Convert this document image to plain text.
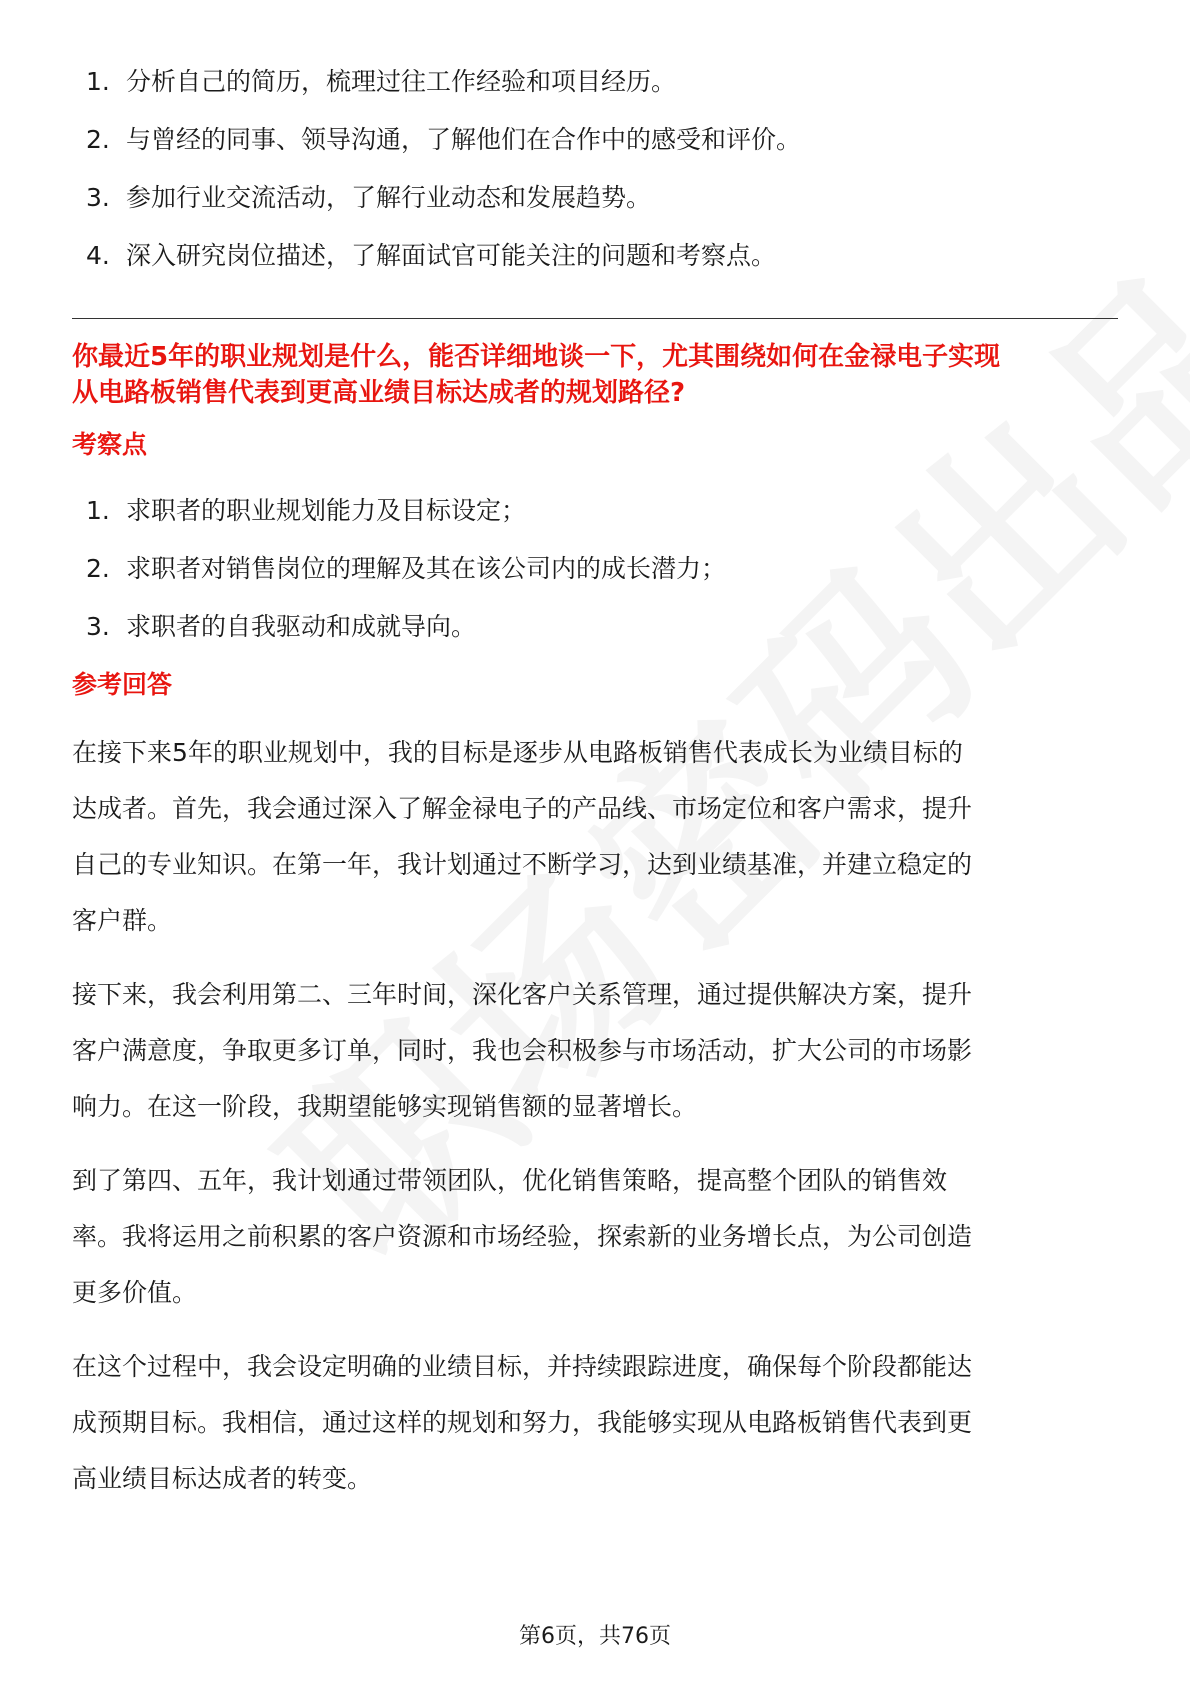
1. 分析自己的简历，梳理过往工作经验和项目经历。
2. 与曾经的同事、领导沟通，了解他们在合作中的感受和评价。
3. 参加行业交流活动，了解行业动态和发展趋势。
4. 深入研究岗位描述，了解面试官可能关注的问题和考察点。
你最近5年的职业规划是什么，能否详细地谈一下，尤其围绕如何在金禄电子实现
从电路板销售代表到更高业绩目标达成者的规划路径?
考察点
1. 求职者的职业规划能力及目标设定；
2. 求职者对销售岗位的理解及其在该公司内的成长潜力；
3. 求职者的自我驱动和成就导向。
参考回答

在接下来5年的职业规划中，我的目标是逐步从电路板销售代表成长为业绩目标的
达成者。首先，我会通过深入了解金禄电子的产品线、市场定位和客户需求，提升
自己的专业知识。在第一年，我计划通过不断学习，达到业绩基准，并建立稳定的
客户群。

接下来，我会利用第二、三年时间，深化客户关系管理，通过提供解决方案，提升
客户满意度，争取更多订单，同时，我也会积极参与市场活动，扩大公司的市场影
响力。在这一阶段，我期望能够实现销售额的显著增长。

到了第四、五年，我计划通过带领团队，优化销售策略，提高整个团队的销售效
率。我将运用之前积累的客户资源和市场经验，探索新的业务增长点，为公司创造
更多价值。

在这个过程中，我会设定明确的业绩目标，并持续跟踪进度，确保每个阶段都能达
成预期目标。我相信，通过这样的规划和努力，我能够实现从电路板销售代表到更
高业绩目标达成者的转变。

第6页，共76页
